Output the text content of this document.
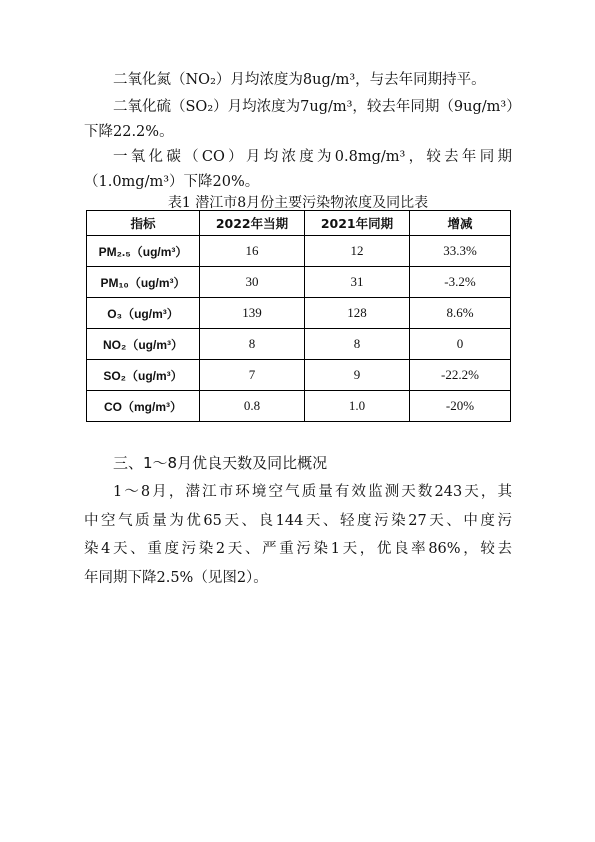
二氧化氮（NO₂）月均浓度为8ug/m³，与去年同期持平。

二氧化硫（SO₂）月均浓度为7ug/m³，较去年同期（9ug/m³）
下降22.2%。

一氧化碳（CO）月均浓度为0.8mg/m³，较去年同期
（1.0mg/m³）下降20%。

表1 潜江市8月份主要污染物浓度及同比表
指标	2022年当期	2021年同期	增减
PM₂.₅（ug/m³）	16	12	33.3%
PM₁₀（ug/m³）	30	31	-3.2%
O₃（ug/m³）	139	128	8.6%
NO₂（ug/m³）	8	8	0
SO₂（ug/m³）	7	9	-22.2%
CO（mg/m³）	0.8	1.0	-20%
三、1～8月优良天数及同比概况
1～8月，潜江市环境空气质量有效监测天数243天，其
中空气质量为优65天、良144天、轻度污染27天、中度污
染4天、重度污染2天、严重污染1天，优良率86%，较去
年同期下降2.5%（见图2）。
